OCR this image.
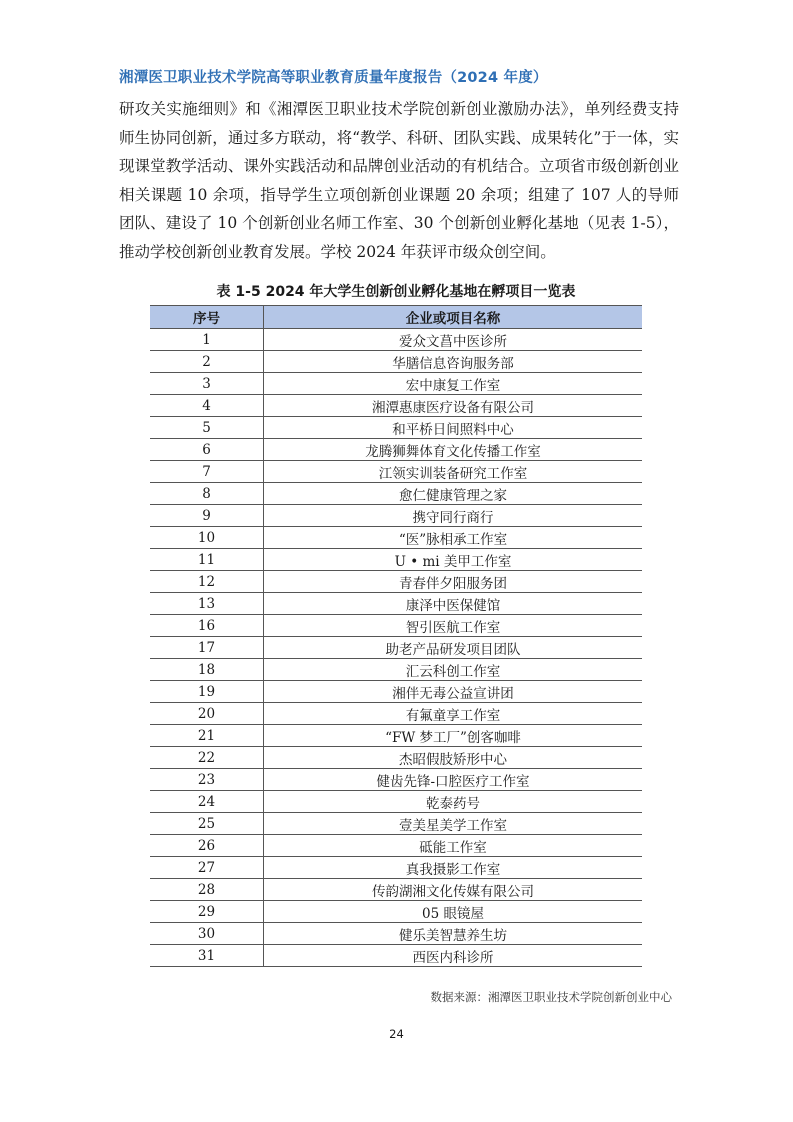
湘潭医卫职业技术学院高等职业教育质量年度报告（2024 年度）

研攻关实施细则》和《湘潭医卫职业技术学院创新创业激励办法》，单列经费支持师生协同创新，通过多方联动，将“教学、科研、团队实践、成果转化”于一体，实现课堂教学活动、课外实践活动和品牌创业活动的有机结合。立项省市级创新创业相关课题 10 余项，指导学生立项创新创业课题 20 余项；组建了 107 人的导师团队、建设了 10 个创新创业名师工作室、30 个创新创业孵化基地（见表 1-5），推动学校创新创业教育发展。学校 2024 年获评市级众创空间。

表 1-5 2024 年大学生创新创业孵化基地在孵项目一览表
序号	企业或项目名称
1	爱众文菖中医诊所
2	华膳信息咨询服务部
3	宏中康复工作室
4	湘潭惠康医疗设备有限公司
5	和平桥日间照料中心
6	龙腾狮舞体育文化传播工作室
7	江领实训装备研究工作室
8	愈仁健康管理之家
9	携守同行商行
10	“医”脉相承工作室
11	U • mi 美甲工作室
12	青春伴夕阳服务团
13	康泽中医保健馆
16	智引医航工作室
17	助老产品研发项目团队
18	汇云科创工作室
19	湘伴无毒公益宣讲团
20	有氟童享工作室
21	“FW 梦工厂”创客咖啡
22	杰昭假肢矫形中心
23	健齿先锋-口腔医疗工作室
24	乾泰药号
25	壹美星美学工作室
26	砥能工作室
27	真我摄影工作室
28	传韵湖湘文化传媒有限公司
29	05 眼镜屋
30	健乐美智慧养生坊
31	西医内科诊所
数据来源：湘潭医卫职业技术学院创新创业中心
24
